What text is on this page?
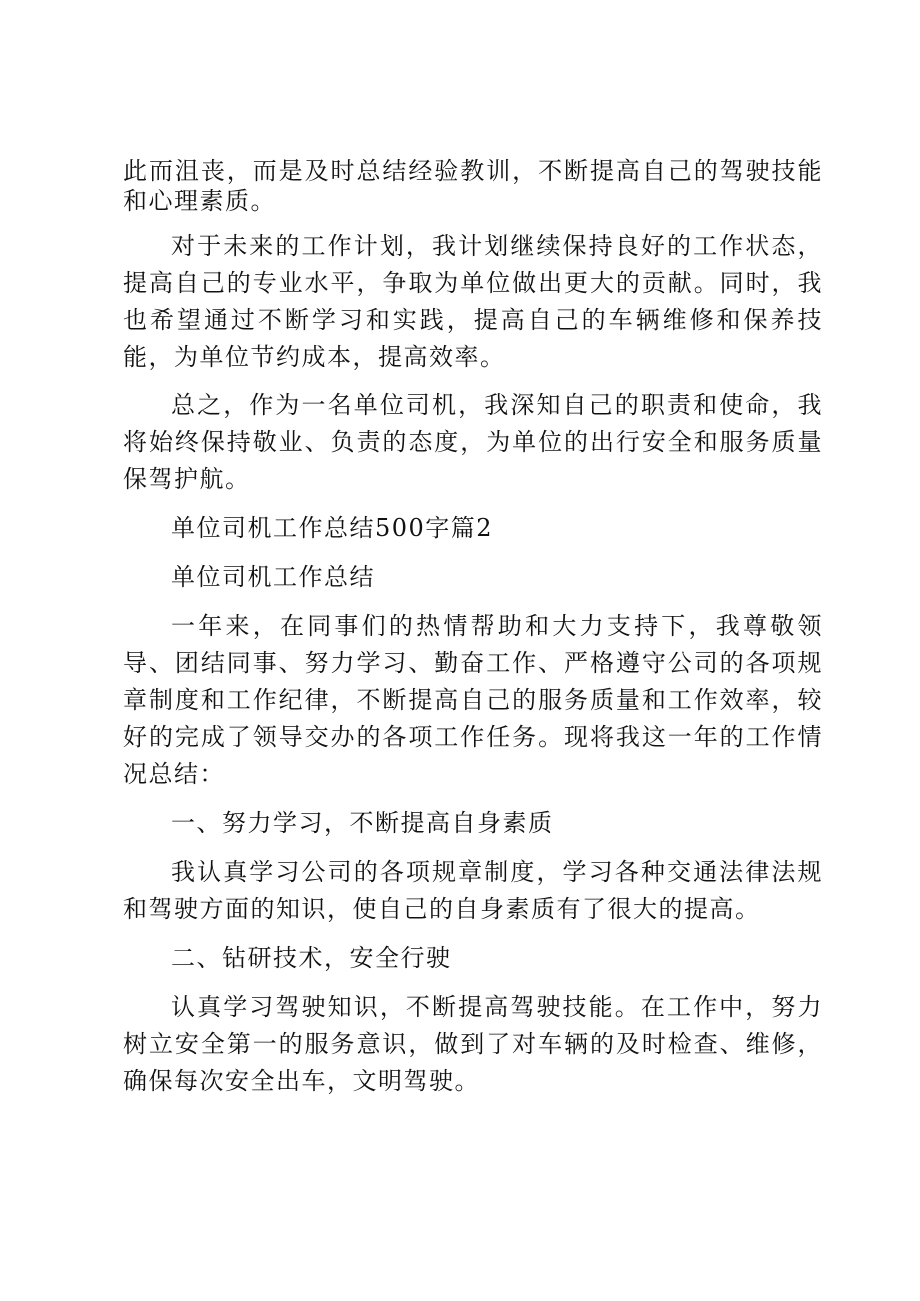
此而沮丧，而是及时总结经验教训，不断提高自己的驾驶技能和心理素质。

对于未来的工作计划，我计划继续保持良好的工作状态，提高自己的专业水平，争取为单位做出更大的贡献。同时，我也希望通过不断学习和实践，提高自己的车辆维修和保养技能，为单位节约成本，提高效率。

总之，作为一名单位司机，我深知自己的职责和使命，我将始终保持敬业、负责的态度，为单位的出行安全和服务质量保驾护航。

单位司机工作总结500字篇2

单位司机工作总结

一年来，在同事们的热情帮助和大力支持下，我尊敬领导、团结同事、努力学习、勤奋工作、严格遵守公司的各项规章制度和工作纪律，不断提高自己的服务质量和工作效率，较好的完成了领导交办的各项工作任务。现将我这一年的工作情况总结：

一、努力学习，不断提高自身素质

我认真学习公司的各项规章制度，学习各种交通法律法规和驾驶方面的知识，使自己的自身素质有了很大的提高。

二、钻研技术，安全行驶

认真学习驾驶知识，不断提高驾驶技能。在工作中，努力树立安全第一的服务意识，做到了对车辆的及时检查、维修，确保每次安全出车，文明驾驶。
